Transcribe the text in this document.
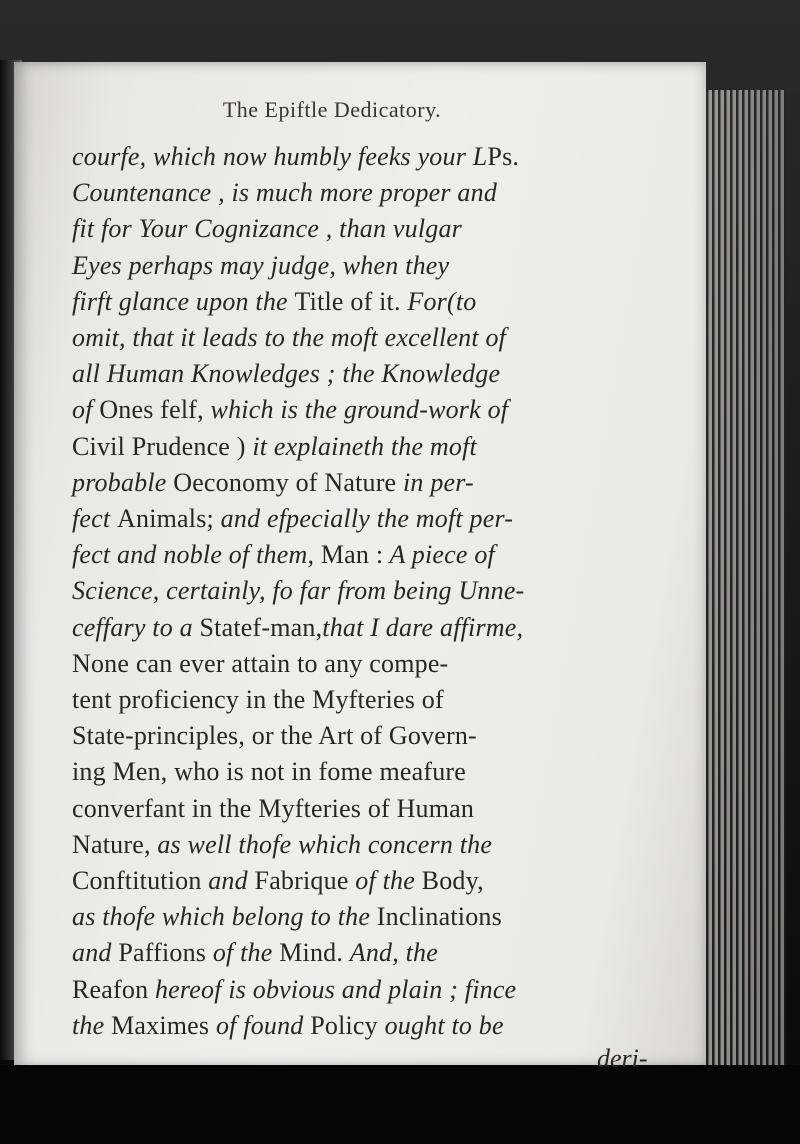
The Epiftle Dedicatory.
courfe, which now humbly feeks your LPs.
Countenance , is much more proper and
fit for Your Cognizance , than vulgar
Eyes perhaps may judge, when they
firft glance upon the Title of it. For(to
omit, that it leads to the moft excellent of
all Human Knowledges ; the Knowledge
of Ones felf, which is the ground-work of
Civil Prudence ) it explaineth the moft
probable Oeconomy of Nature in per-
fect Animals; and efpecially the moft per-
fect and noble of them, Man : A piece of
Science, certainly, fo far from being Unne-
ceffary to a Statef-man,that I dare affirme,
None can ever attain to any compe-
tent proficiency in the Myfteries of
State-principles, or the Art of Govern-
ing Men, who is not in fome meafure
converfant in the Myfteries of Human
Nature, as well thofe which concern the
Conftitution and Fabrique of the Body,
as thofe which belong to the Inclinations
and Paffions of the Mind. And, the
Reafon hereof is obvious and plain ; fince
the Maximes of found Policy ought to be
deri-
